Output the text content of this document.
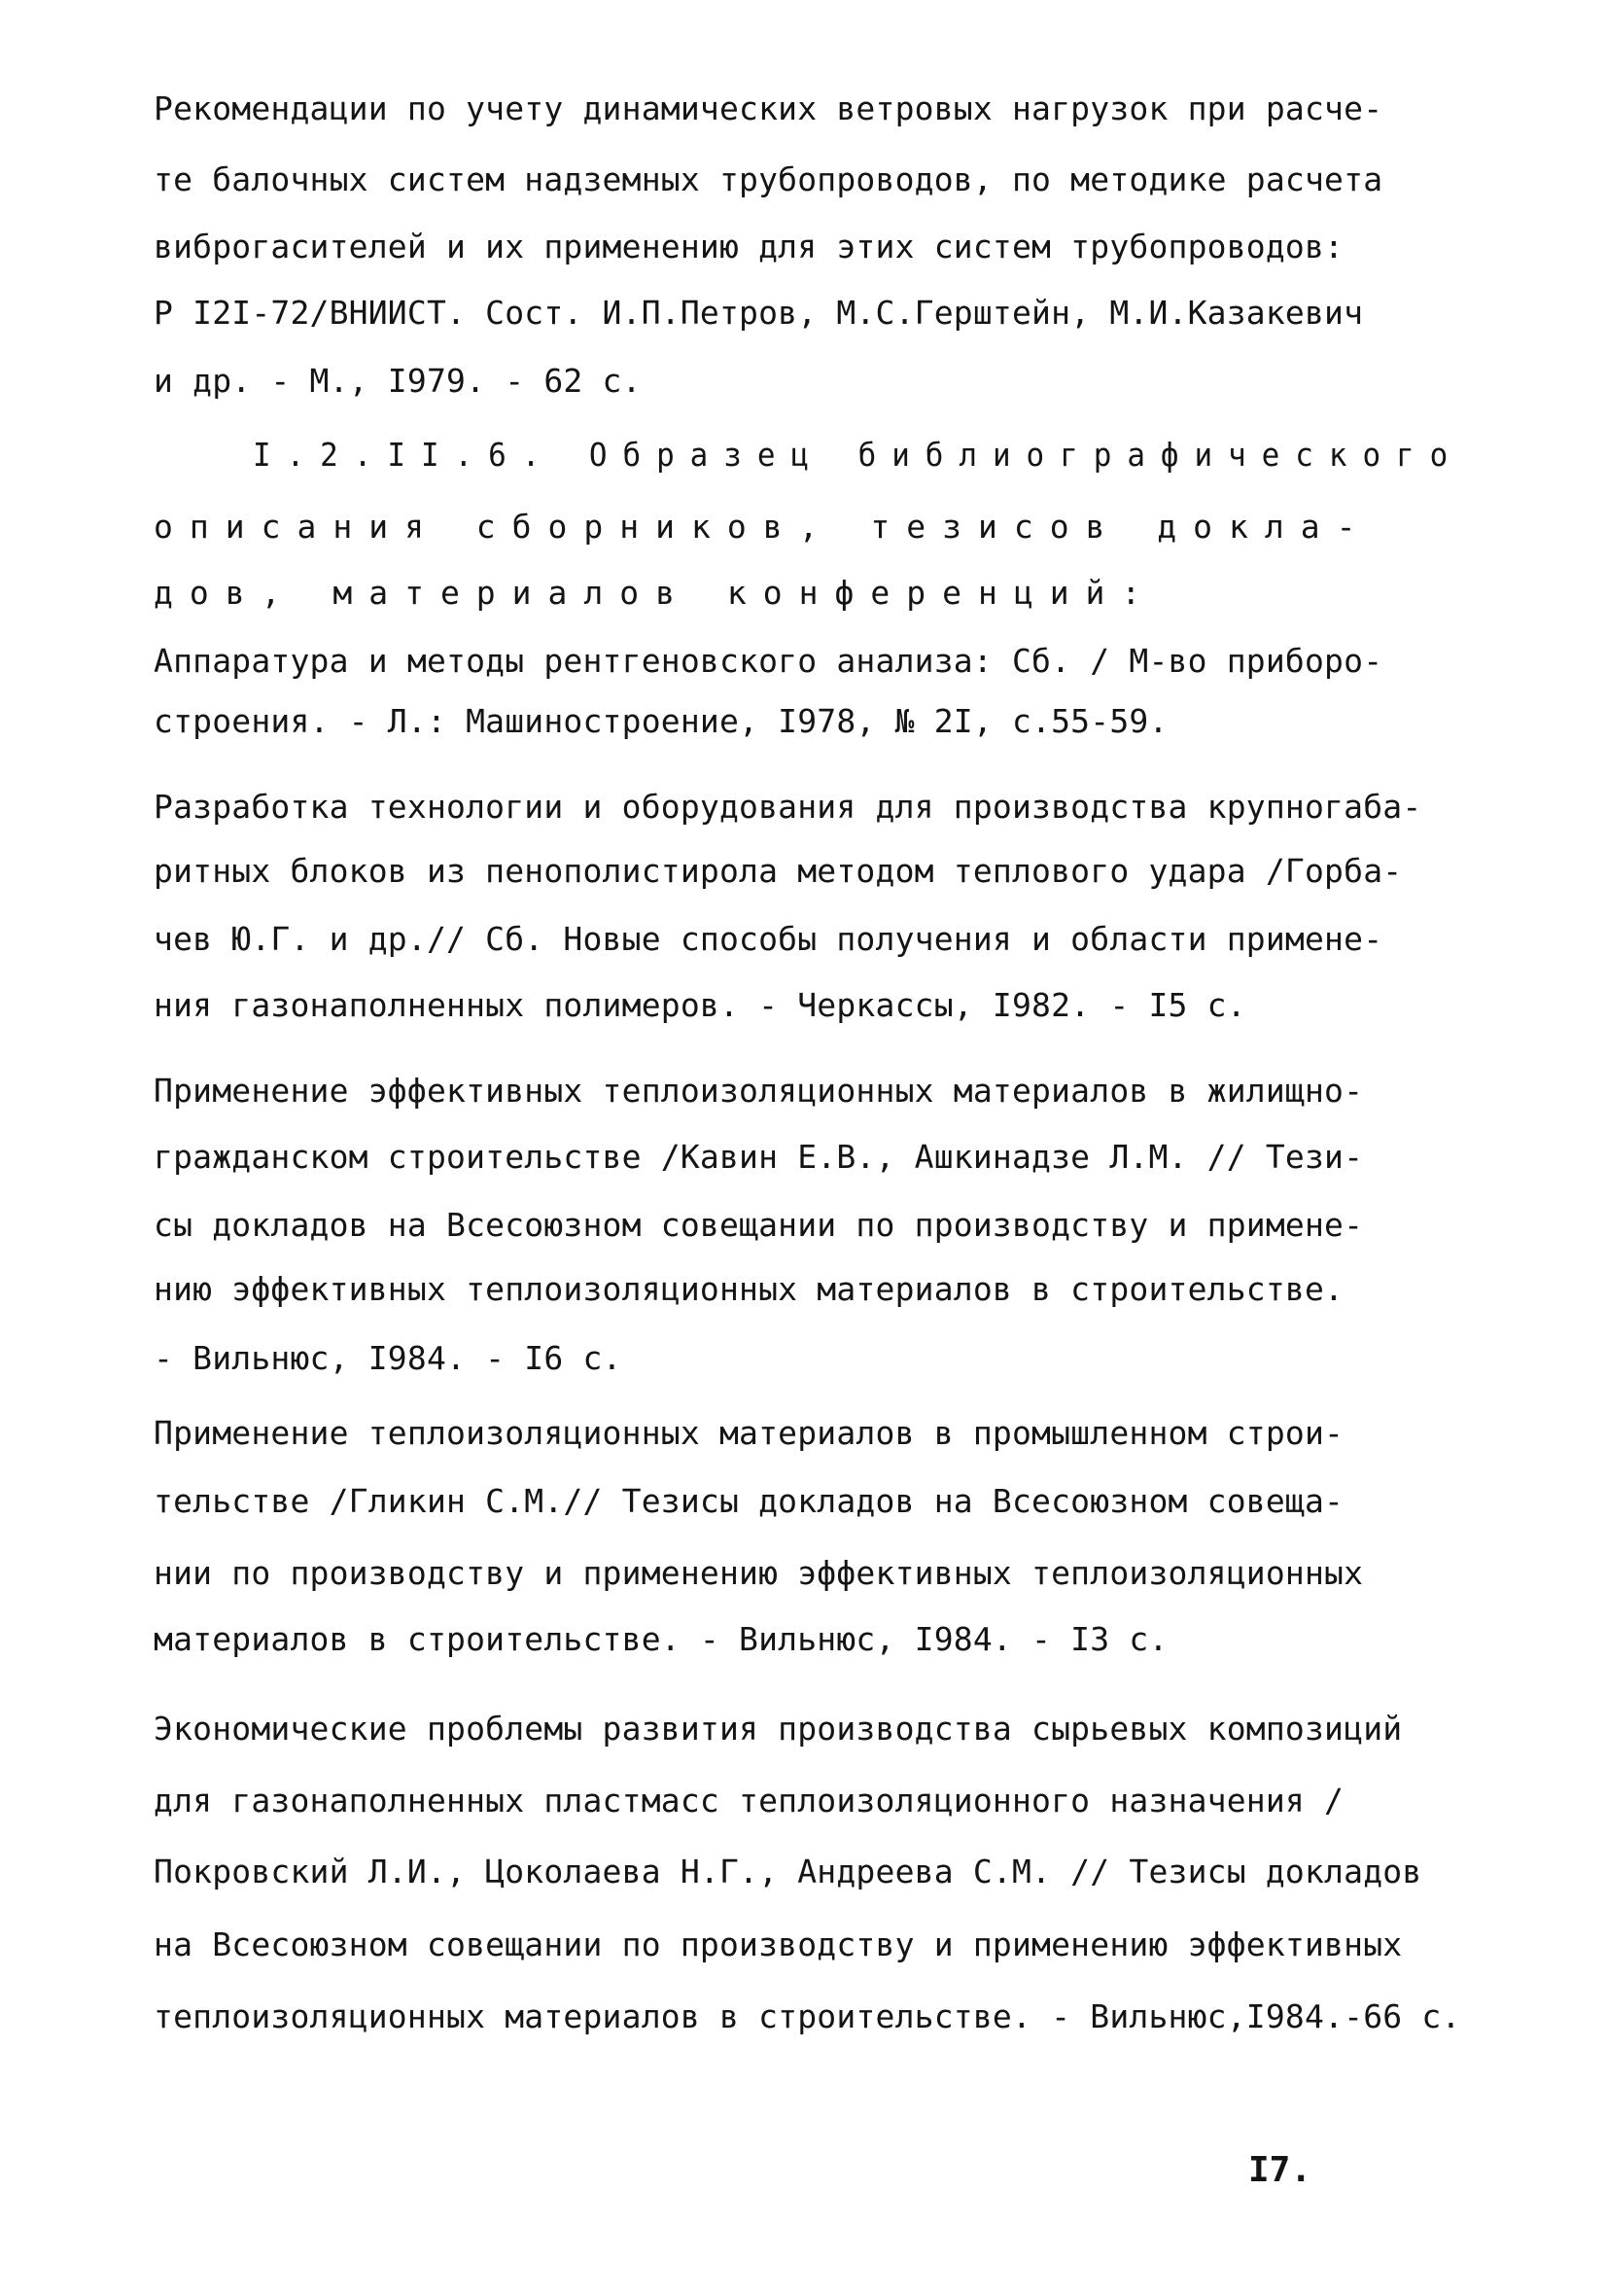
Рекомендации по учету динамических ветровых нагрузок при расче-
те балочных систем надземных трубопроводов, по методике расчета
виброгасителей и их применению для этих систем трубопроводов:
Р I2I-72/ВНИИСТ. Сост. И.П.Петров, М.С.Герштейн, М.И.Казакевич
и др. - М., I979. - 62 с.
I.2.II.6. Образец библиографического
описания сборников, тезисов докла-
дов, материалов конференций:
Аппаратура и методы рентгеновского анализа: Сб. / М-во приборо-
строения. - Л.: Машиностроение, I978, № 2I, с.55-59.
Разработка технологии и оборудования для производства крупногаба-
ритных блоков из пенополистирола методом теплового удара /Горба-
чев Ю.Г. и др.// Сб. Новые способы получения и области примене-
ния газонаполненных полимеров. - Черкассы, I982. - I5 с.
Применение эффективных теплоизоляционных материалов в жилищно-
гражданском строительстве /Кавин Е.В., Ашкинадзе Л.М. // Тези-
сы докладов на Всесоюзном совещании по производству и примене-
нию эффективных теплоизоляционных материалов в строительстве.
- Вильнюс, I984. - I6 с.
Применение теплоизоляционных материалов в промышленном строи-
тельстве /Гликин С.М.// Тезисы докладов на Всесоюзном совеща-
нии по производству и применению эффективных теплоизоляционных
материалов в строительстве. - Вильнюс, I984. - I3 с.
Экономические проблемы развития производства сырьевых композиций
для газонаполненных пластмасс теплоизоляционного назначения /
Покровский Л.И., Цоколаева Н.Г., Андреева С.М. // Тезисы докладов
на Всесоюзном совещании по производству и применению эффективных
теплоизоляционных материалов в строительстве. - Вильнюс,I984.-66 с.
I7.
